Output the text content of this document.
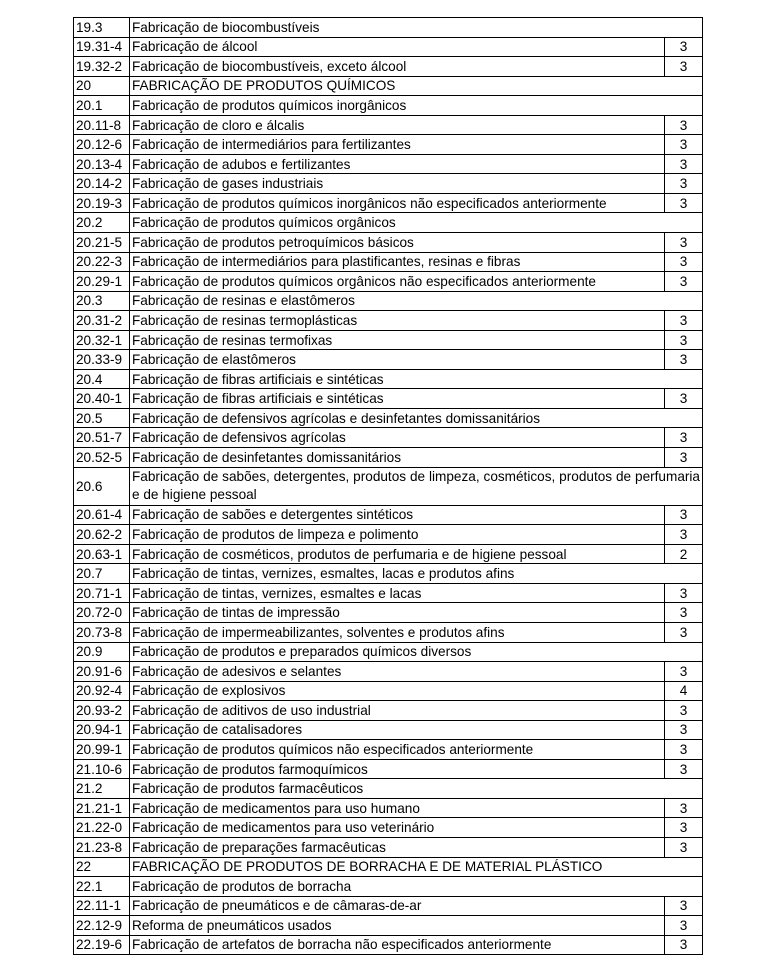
19.3	Fabricação de biocombustíveis	
19.31-4	Fabricação de álcool	3
19.32-2	Fabricação de biocombustíveis, exceto álcool	3
20	FABRICAÇÃO DE PRODUTOS QUÍMICOS	
20.1	Fabricação de produtos químicos inorgânicos	
20.11-8	Fabricação de cloro e álcalis	3
20.12-6	Fabricação de intermediários para fertilizantes	3
20.13-4	Fabricação de adubos e fertilizantes	3
20.14-2	Fabricação de gases industriais	3
20.19-3	Fabricação de produtos químicos inorgânicos não especificados anteriormente	3
20.2	Fabricação de produtos químicos orgânicos	
20.21-5	Fabricação de produtos petroquímicos básicos	3
20.22-3	Fabricação de intermediários para plastificantes, resinas e fibras	3
20.29-1	Fabricação de produtos químicos orgânicos não especificados anteriormente	3
20.3	Fabricação de resinas e elastômeros	
20.31-2	Fabricação de resinas termoplásticas	3
20.32-1	Fabricação de resinas termofixas	3
20.33-9	Fabricação de elastômeros	3
20.4	Fabricação de fibras artificiais e sintéticas	
20.40-1	Fabricação de fibras artificiais e sintéticas	3
20.5	Fabricação de defensivos agrícolas e desinfetantes domissanitários	
20.51-7	Fabricação de defensivos agrícolas	3
20.52-5	Fabricação de desinfetantes domissanitários	3
20.6	Fabricação de sabões, detergentes, produtos de limpeza, cosméticos, produtos de perfumaria e de higiene pessoal	
20.61-4	Fabricação de sabões e detergentes sintéticos	3
20.62-2	Fabricação de produtos de limpeza e polimento	3
20.63-1	Fabricação de cosméticos, produtos de perfumaria e de higiene pessoal	2
20.7	Fabricação de tintas, vernizes, esmaltes, lacas e produtos afins	
20.71-1	Fabricação de tintas, vernizes, esmaltes e lacas	3
20.72-0	Fabricação de tintas de impressão	3
20.73-8	Fabricação de impermeabilizantes, solventes e produtos afins	3
20.9	Fabricação de produtos e preparados químicos diversos	
20.91-6	Fabricação de adesivos e selantes	3
20.92-4	Fabricação de explosivos	4
20.93-2	Fabricação de aditivos de uso industrial	3
20.94-1	Fabricação de catalisadores	3
20.99-1	Fabricação de produtos químicos não especificados anteriormente	3
21.10-6	Fabricação de produtos farmoquímicos	3
21.2	Fabricação de produtos farmacêuticos	
21.21-1	Fabricação de medicamentos para uso humano	3
21.22-0	Fabricação de medicamentos para uso veterinário	3
21.23-8	Fabricação de preparações farmacêuticas	3
22	FABRICAÇÃO DE PRODUTOS DE BORRACHA E DE MATERIAL PLÁSTICO	
22.1	Fabricação de produtos de borracha	
22.11-1	Fabricação de pneumáticos e de câmaras-de-ar	3
22.12-9	Reforma de pneumáticos usados	3
22.19-6	Fabricação de artefatos de borracha não especificados anteriormente	3
